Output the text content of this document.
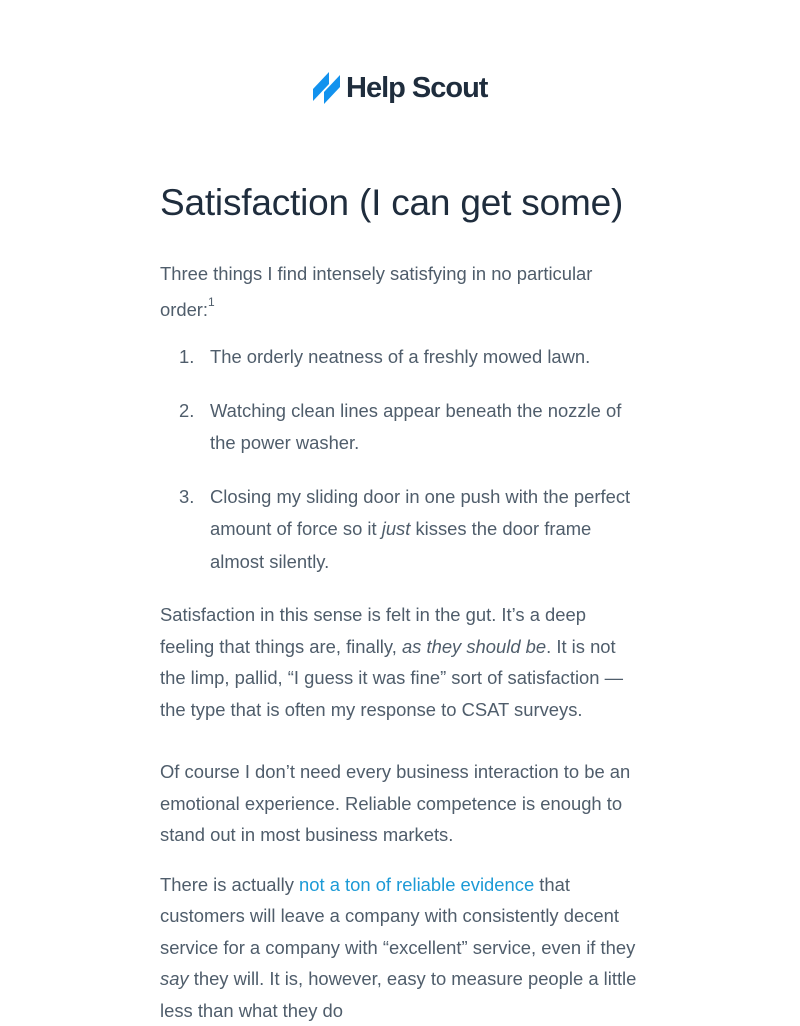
Help Scout
Satisfaction (I can get some)

Three things I find intensely satisfying in no particular order:$^1$

1. The orderly neatness of a freshly mowed lawn.
2. Watching clean lines appear beneath the nozzle of the power washer.
3. Closing my sliding door in one push with the perfect amount of force so it just kisses the door frame almost silently.

Satisfaction in this sense is felt in the gut. It’s a deep feeling that things are, finally, as they should be. It is not the limp, pallid, “I guess it was fine” sort of satisfaction — the type that is often my response to CSAT surveys.

Of course I don’t need every business interaction to be an emotional experience. Reliable competence is enough to stand out in most business markets.

There is actually not a ton of reliable evidence that customers will leave a company with consistently decent service for a company with “excellent” service, even if they say they will. It is, however, easy to measure people a little less than what they do
